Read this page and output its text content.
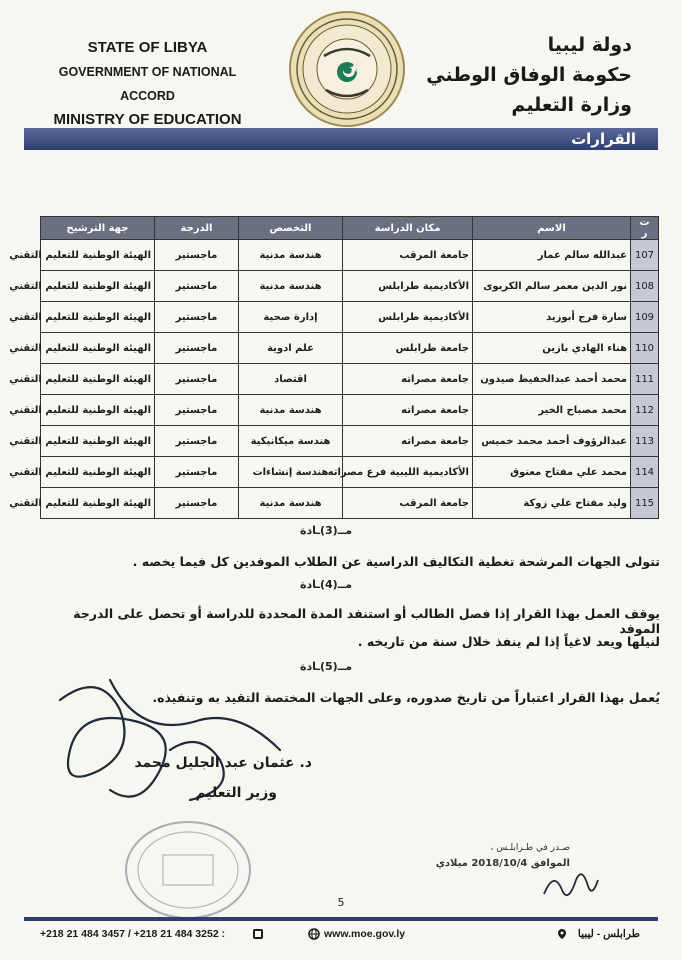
STATE OF LIBYA
GOVERNMENT OF NATIONAL ACCORD
MINISTRY OF EDUCATION
دولة ليبيا
حكومة الوفاق الوطني
وزارة التعليم
القرارات
ت ر	الاسم	مكان الدراسة	التخصص	الدرجة	جهة الترشيح
107	عبدالله سالم عمار	جامعة المرقب	هندسة مدنية	ماجستير	الهيئة الوطنية للتعليم التقني
108	نور الدين معمر سالم الكريوى	الأكاديمية طرابلس	هندسة مدنية	ماجستير	الهيئة الوطنية للتعليم التقني
109	سارة فرج أبوزيد	الأكاديمية طرابلس	إدارة صحية	ماجستير	الهيئة الوطنية للتعليم التقني
110	هناء الهادي بازين	جامعة طرابلس	علم ادوية	ماجستير	الهيئة الوطنية للتعليم التقني
111	محمد أحمد عبدالحفيظ صيدون	جامعة مصراته	اقتصاد	ماجستير	الهيئة الوطنية للتعليم التقني
112	محمد مصباح الخير	جامعة مصراته	هندسة مدنية	ماجستير	الهيئة الوطنية للتعليم التقني
113	عبدالرؤوف أحمد محمد خميس	جامعة مصراته	هندسة ميكانيكية	ماجستير	الهيئة الوطنية للتعليم التقني
114	محمد علي مفتاح معتوق	الأكاديمية الليبية فرع مصراته	هندسة إنشاءات	ماجستير	الهيئة الوطنية للتعليم التقني
115	وليد مفتاح علي زوكة	جامعة المرقب	هندسة مدنية	ماجستير	الهيئة الوطنية للتعليم التقني
مــ(3)ـادة
تتولى الجهات المرشحة تغطية التكاليف الدراسية عن الطلاب الموفدين كل فيما يخصه .
مــ(4)ـادة
يوقف العمل بهذا القرار إذا فصل الطالب أو استنفد المدة المحددة للدراسة أو تحصل على الدرجة الموفد
لنيلها ويعد لاغياً إذا لم ينفذ خلال سنة من تاريخه .
مــ(5)ـادة
يُعمل بهذا القرار اعتباراً من تاريخ صدوره، وعلى الجهات المختصة التقيد به وتنفيذه.
د. عثمان عبد الجليل محمد
وزير التعليم
صـدر في طـرابلـس ،
الموافق 2018/10/4 ميلادي
5
+218 21 484 3457 / +218 21 484 3252 :	www.moe.gov.ly	طرابلس - ليبيا
